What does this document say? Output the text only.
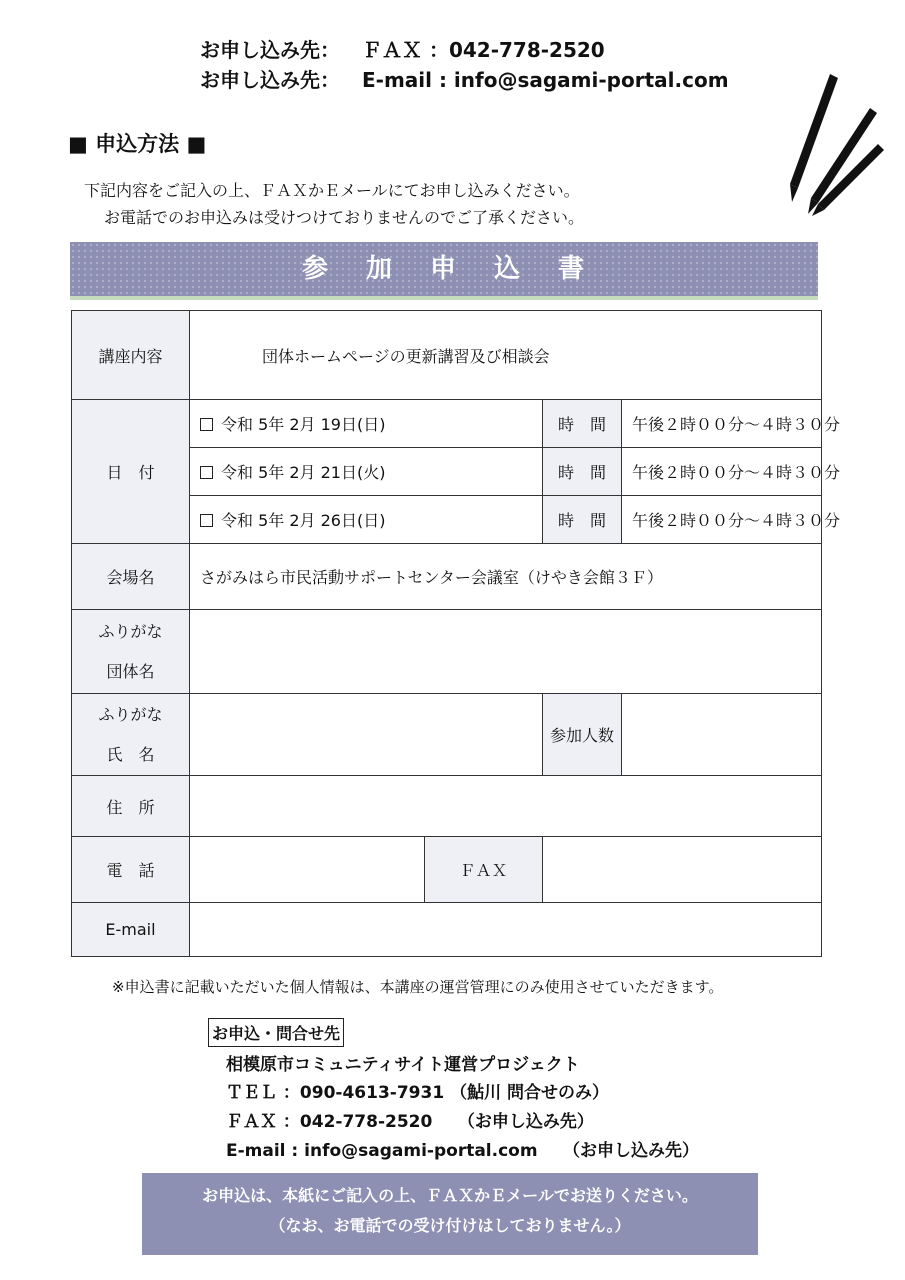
お申し込み先： ＦＡＸ ：042-778-2520
お申し込み先： E-mail : info@sagami-portal.com
■ 申込方法 ■
下記内容をご記入の上、ＦＡＸかＥメールにてお申し込みください。
お電話でのお申込みは受けつけておりませんのでご了承ください。
参 加 申 込 書
講座内容	団体ホームページの更新講習及び相談会			
日　付	令和 5年 2月 19日(日)		時　間	午後２時００分～４時３０分
	令和 5年 2月 21日(火)		時　間	午後２時００分～４時３０分
	令和 5年 2月 26日(日)		時　間	午後２時００分～４時３０分
会場名	さがみはら市民活動サポートセンター会議室（けやき会館３Ｆ）			

ふりがな
団体名				

ふりがな
氏　名			参加人数	
住　所				
電　話		ＦＡＸ		
E-mail				
※申込書に記載いただいた個人情報は、本講座の運営管理にのみ使用させていただきます。
お申込・問合せ先
相模原市コミュニティサイト運営プロジェクト
ＴＥＬ ：090-4613-7931 （鮎川 問合せのみ）
ＦＡＸ ：042-778-2520　　（お申し込み先）
E-mail : info@sagami-portal.com　　（お申し込み先）
お申込は、本紙にご記入の上、ＦＡＸかＥメールでお送りください。
（なお、お電話での受け付けはしておりません。）
